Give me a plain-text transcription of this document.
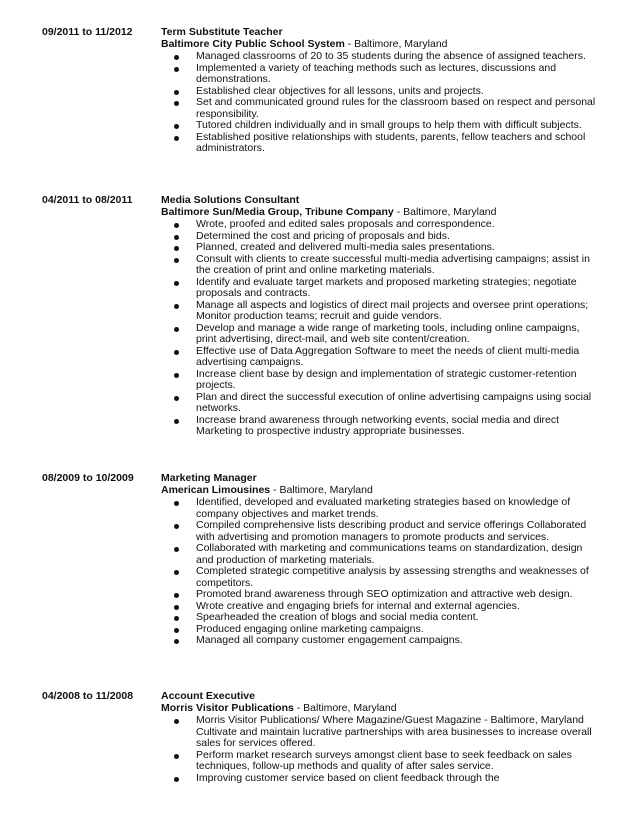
09/2011 to 11/2012	Term Substitute Teacher
Baltimore City Public School System - Baltimore, Maryland
Managed classrooms of 20 to 35 students during the absence of assigned teachers.
Implemented a variety of teaching methods such as lectures, discussions and demonstrations.
Established clear objectives for all lessons, units and projects.
Set and communicated ground rules for the classroom based on respect and personal responsibility.
Tutored children individually and in small groups to help them with difficult subjects.
Established positive relationships with students, parents, fellow teachers and school administrators.
04/2011 to 08/2011	Media Solutions Consultant
Baltimore Sun/Media Group, Tribune Company - Baltimore, Maryland
Wrote, proofed and edited sales proposals and correspondence.
Determined the cost and pricing of proposals and bids.
Planned, created and delivered multi-media sales presentations.
Consult with clients to create successful multi-media advertising campaigns; assist in the creation of print and online marketing materials.
Identify and evaluate target markets and proposed marketing strategies; negotiate proposals and contracts.
Manage all aspects and logistics of direct mail projects and oversee print operations; Monitor production teams; recruit and guide vendors.
Develop and manage a wide range of marketing tools, including online campaigns, print advertising, direct-mail, and web site content/creation.
Effective use of Data Aggregation Software to meet the needs of client multi-media advertising campaigns.
Increase client base by design and implementation of strategic customer-retention projects.
Plan and direct the successful execution of online advertising campaigns using social networks.
Increase brand awareness through networking events, social media and direct Marketing to prospective industry appropriate businesses.
08/2009 to 10/2009	Marketing Manager
American Limousines - Baltimore, Maryland
Identified, developed and evaluated marketing strategies based on knowledge of company objectives and market trends.
Compiled comprehensive lists describing product and service offerings Collaborated with advertising and promotion managers to promote products and services.
Collaborated with marketing and communications teams on standardization, design and production of marketing materials.
Completed strategic competitive analysis by assessing strengths and weaknesses of competitors.
Promoted brand awareness through SEO optimization and attractive web design.
Wrote creative and engaging briefs for internal and external agencies.
Spearheaded the creation of blogs and social media content.
Produced engaging online marketing campaigns.
Managed all company customer engagement campaigns.
04/2008 to 11/2008	Account Executive
Morris Visitor Publications - Baltimore, Maryland
Morris Visitor Publications/ Where Magazine/Guest Magazine - Baltimore, Maryland Cultivate and maintain lucrative partnerships with area businesses to increase overall sales for services offered.
Perform market research surveys amongst client base to seek feedback on sales techniques, follow-up methods and quality of after sales service.
Improving customer service based on client feedback through the
